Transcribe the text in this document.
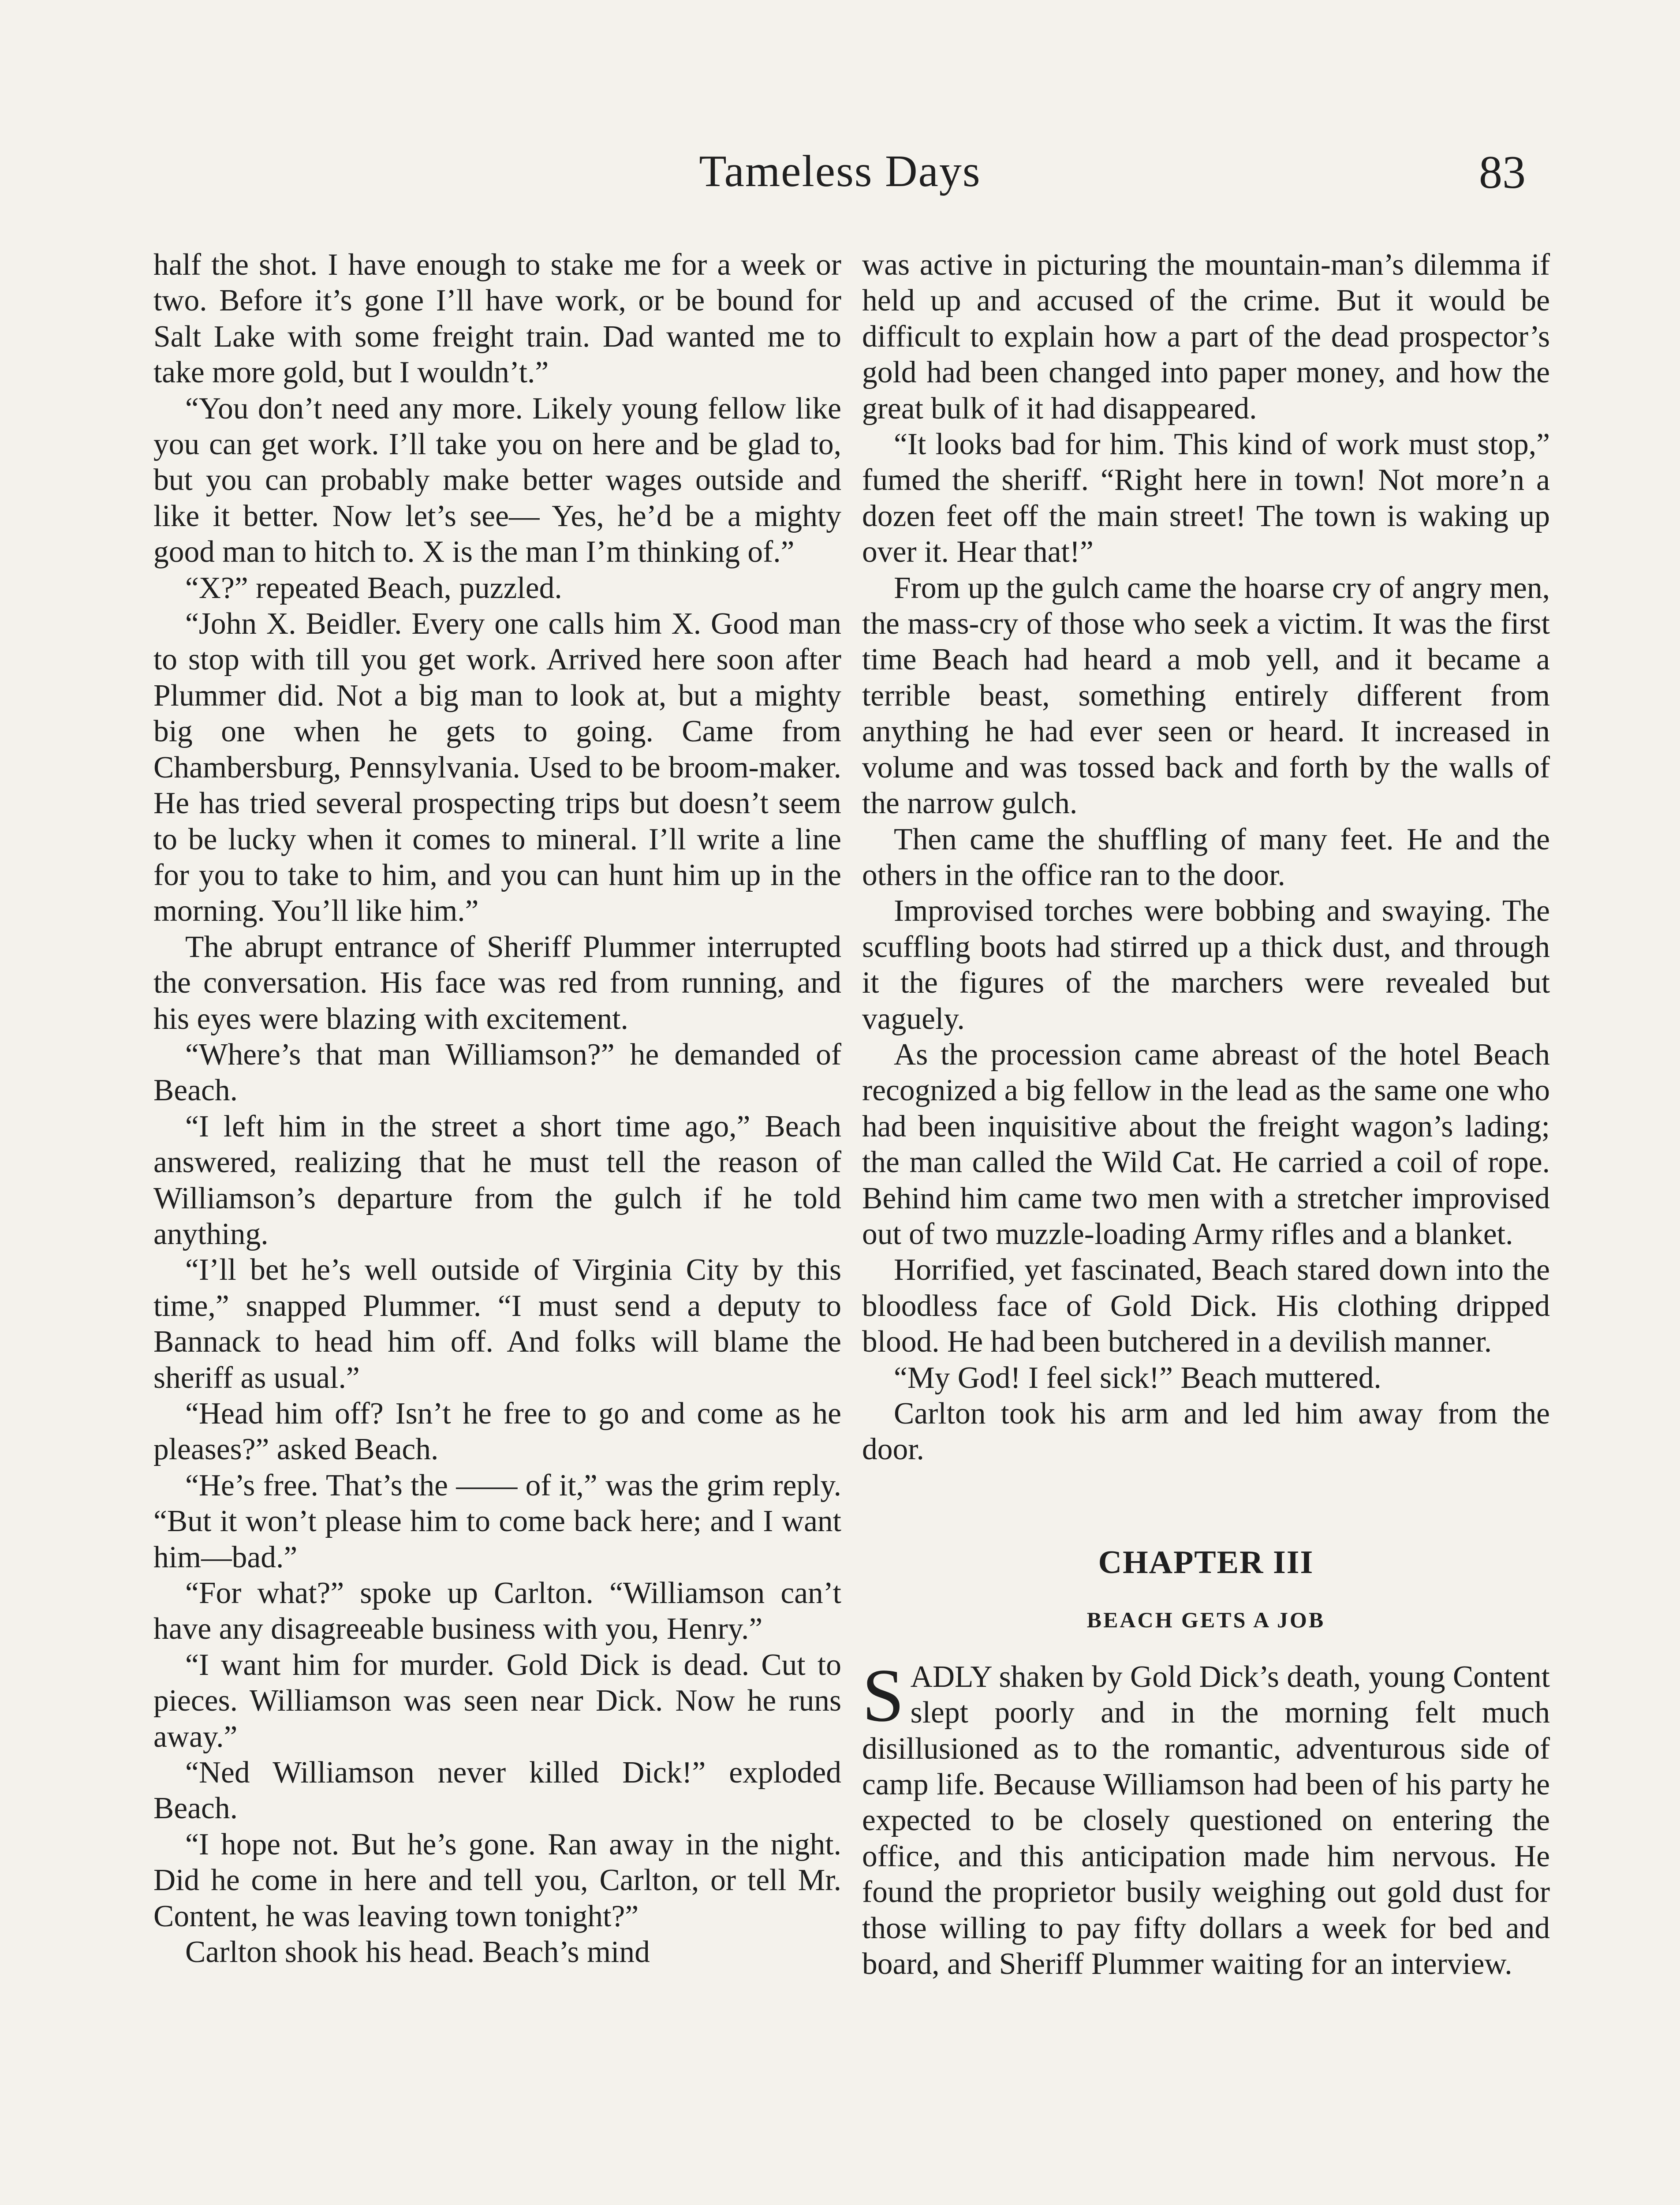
Tameless Days	83

half the shot. I have enough to stake me for a week or two. Before it’s gone I’ll have work, or be bound for Salt Lake with some freight train. Dad wanted me to take more gold, but I wouldn’t.”

“You don’t need any more. Likely young fellow like you can get work. I’ll take you on here and be glad to, but you can probably make better wages outside and like it better. Now let’s see— Yes, he’d be a mighty good man to hitch to. X is the man I’m thinking of.”

“X?” repeated Beach, puzzled.

“John X. Beidler. Every one calls him X. Good man to stop with till you get work. Arrived here soon after Plummer did. Not a big man to look at, but a mighty big one when he gets to going. Came from Chambersburg, Pennsylvania. Used to be broom-maker. He has tried several prospecting trips but doesn’t seem to be lucky when it comes to mineral. I’ll write a line for you to take to him, and you can hunt him up in the morning. You’ll like him.”

The abrupt entrance of Sheriff Plummer interrupted the conversation. His face was red from running, and his eyes were blazing with excitement.

“Where’s that man Williamson?” he demanded of Beach.

“I left him in the street a short time ago,” Beach answered, realizing that he must tell the reason of Williamson’s departure from the gulch if he told anything.

“I’ll bet he’s well outside of Virginia City by this time,” snapped Plummer. “I must send a deputy to Bannack to head him off. And folks will blame the sheriff as usual.”

“Head him off? Isn’t he free to go and come as he pleases?” asked Beach.

“He’s free. That’s the —— of it,” was the grim reply. “But it won’t please him to come back here; and I want him—bad.”

“For what?” spoke up Carlton. “Williamson can’t have any disagreeable business with you, Henry.”

“I want him for murder. Gold Dick is dead. Cut to pieces. Williamson was seen near Dick. Now he runs away.”

“Ned Williamson never killed Dick!” exploded Beach.

“I hope not. But he’s gone. Ran away in the night. Did he come in here and tell you, Carlton, or tell Mr. Content, he was leaving town tonight?”

Carlton shook his head. Beach’s mind

was active in picturing the mountain-man’s dilemma if held up and accused of the crime. But it would be difficult to explain how a part of the dead prospector’s gold had been changed into paper money, and how the great bulk of it had disappeared.

“It looks bad for him. This kind of work must stop,” fumed the sheriff. “Right here in town! Not more’n a dozen feet off the main street! The town is waking up over it. Hear that!”

From up the gulch came the hoarse cry of angry men, the mass-cry of those who seek a victim. It was the first time Beach had heard a mob yell, and it became a terrible beast, something entirely different from anything he had ever seen or heard. It increased in volume and was tossed back and forth by the walls of the narrow gulch.

Then came the shuffling of many feet. He and the others in the office ran to the door.

Improvised torches were bobbing and swaying. The scuffling boots had stirred up a thick dust, and through it the figures of the marchers were revealed but vaguely.

As the procession came abreast of the hotel Beach recognized a big fellow in the lead as the same one who had been inquisitive about the freight wagon’s lading; the man called the Wild Cat. He carried a coil of rope. Behind him came two men with a stretcher improvised out of two muzzle-loading Army rifles and a blanket.

Horrified, yet fascinated, Beach stared down into the bloodless face of Gold Dick. His clothing dripped blood. He had been butchered in a devilish manner.

“My God! I feel sick!” Beach muttered.

Carlton took his arm and led him away from the door.

CHAPTER III
BEACH GETS A JOB

SADLY shaken by Gold Dick’s death, young Content slept poorly and in the morning felt much disillusioned as to the romantic, adventurous side of camp life. Because Williamson had been of his party he expected to be closely questioned on entering the office, and this anticipation made him nervous. He found the proprietor busily weighing out gold dust for those willing to pay fifty dollars a week for bed and board, and Sheriff Plummer waiting for an interview.
